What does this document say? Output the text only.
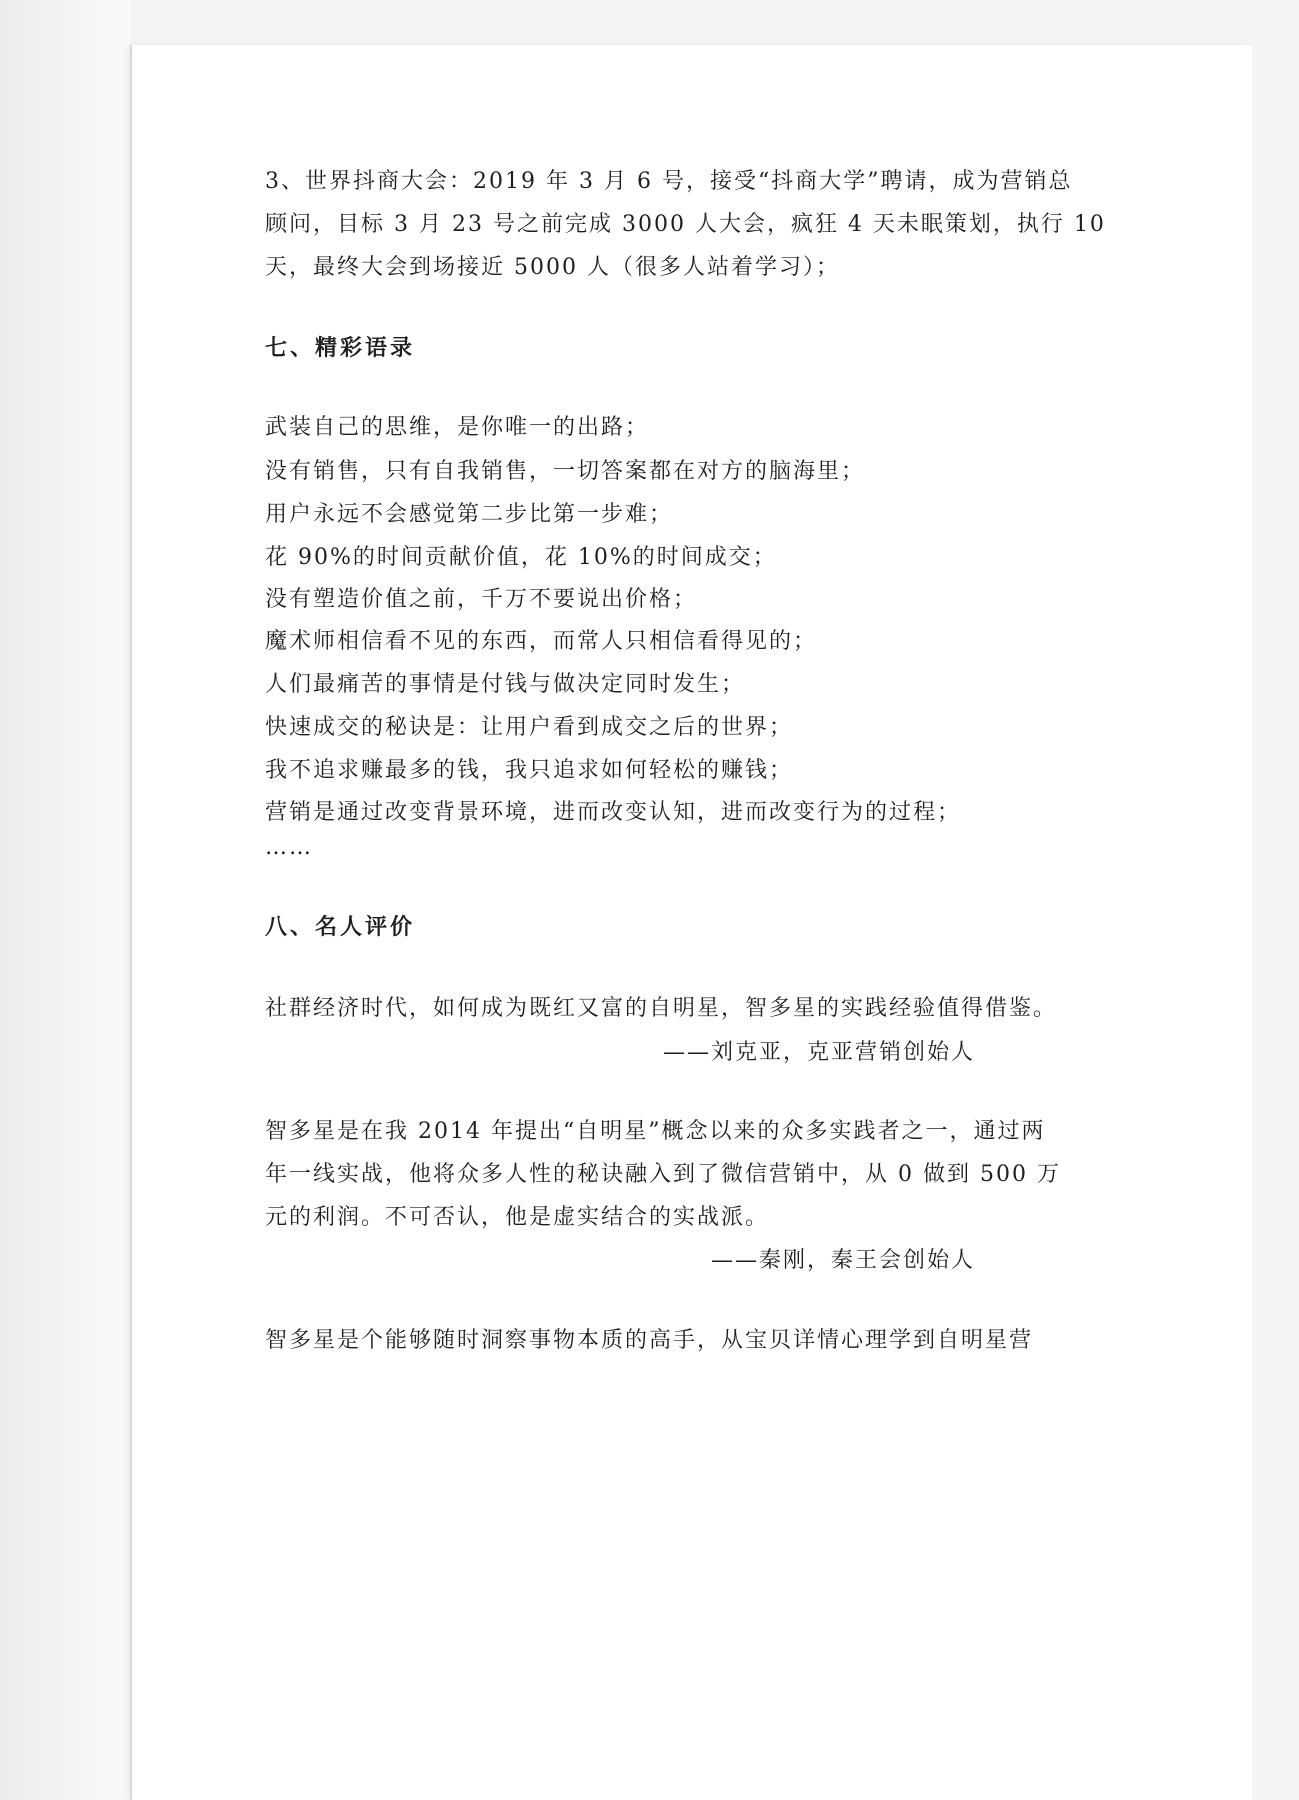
3、世界抖商大会：2019 年 3 月 6 号，接受“抖商大学”聘请，成为营销总
顾问，目标 3 月 23 号之前完成 3000 人大会，疯狂 4 天未眠策划，执行 10
天，最终大会到场接近 5000 人（很多人站着学习）；
七、精彩语录
武装自己的思维，是你唯一的出路；
没有销售，只有自我销售，一切答案都在对方的脑海里；
用户永远不会感觉第二步比第一步难；
花 90%的时间贡献价值，花 10%的时间成交；
没有塑造价值之前，千万不要说出价格；
魔术师相信看不见的东西，而常人只相信看得见的；
人们最痛苦的事情是付钱与做决定同时发生；
快速成交的秘诀是：让用户看到成交之后的世界；
我不追求赚最多的钱，我只追求如何轻松的赚钱；
营销是通过改变背景环境，进而改变认知，进而改变行为的过程；
……
八、名人评价
社群经济时代，如何成为既红又富的自明星，智多星的实践经验值得借鉴。
——刘克亚，克亚营销创始人
智多星是在我 2014 年提出“自明星”概念以来的众多实践者之一，通过两
年一线实战，他将众多人性的秘诀融入到了微信营销中，从 0 做到 500 万
元的利润。不可否认，他是虚实结合的实战派。
——秦刚，秦王会创始人
智多星是个能够随时洞察事物本质的高手，从宝贝详情心理学到自明星营
